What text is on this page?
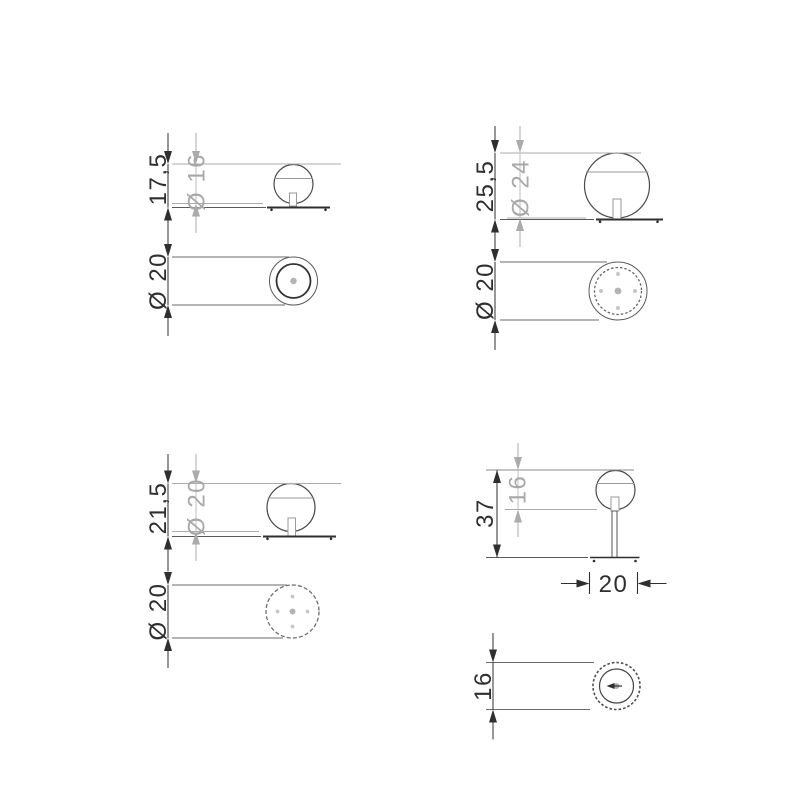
17,5 Ø 16
Ø 20
25,5 Ø 24
Ø 20
21,5 Ø 20
Ø 20
37
16
20
16
